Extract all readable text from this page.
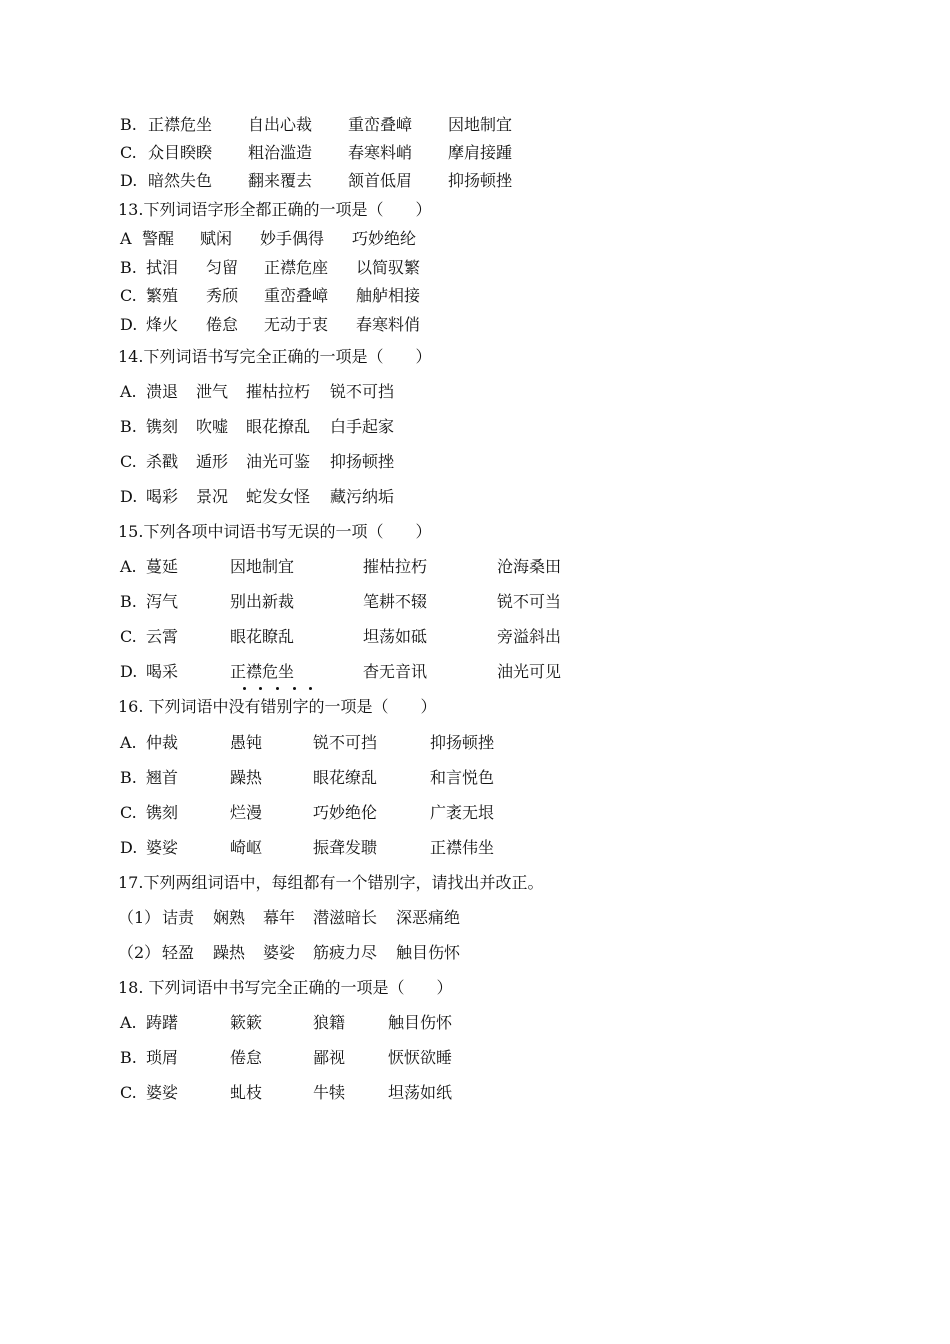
B. 正襟危坐 自出心裁 重峦叠嶂 因地制宜
C. 众目睽睽 粗治滥造 春寒料峭 摩肩接踵
D. 暗然失色 翻来覆去 颔首低眉 抑扬顿挫
13.下列词语字形全都正确的一项是（　　）
A 警醒 赋闲 妙手偶得 巧妙绝纶
B. 拭泪 匀留 正襟危座 以简驭繁
C. 繁殖 秀颀 重峦叠嶂 舳舻相接
D. 烽火 倦怠 无动于衷 春寒料俏
14.下列词语书写完全正确的一项是（　　）
A. 溃退 泄气 摧枯拉朽 锐不可挡
B. 镌刻 吹嘘 眼花撩乱 白手起家
C. 杀戳 遁形 油光可鉴 抑扬顿挫
D. 喝彩 景况 蛇发女怪 藏污纳垢
15.下列各项中词语书写无误的一项（　　）
A. 蔓延	因地制宜	摧枯拉朽	沧海桑田
B. 泻气	别出新裁	笔耕不辍	锐不可当
C. 云霄	眼花瞭乱	坦荡如砥	旁溢斜出
D. 喝采	正襟危坐	杳无音讯	油光可见
16. 下列词语中没有错别字的一项是（　　）
A. 仲裁	愚钝	锐不可挡	抑扬顿挫
B. 翘首	躁热	眼花缭乱	和言悦色
C. 镌刻	烂漫	巧妙绝伦	广袤无垠
D. 婆娑	崎岖	振聋发聩	正襟伟坐
17.下列两组词语中，每组都有一个错别字，请找出并改正。
（1） 诘责 娴熟 幕年 潜滋暗长 深恶痛绝
（2） 轻盈 躁热 婆娑 筋疲力尽 触目伤怀
18. 下列词语中书写完全正确的一项是（　　）
A. 踌躇	簌簌	狼籍	触目伤怀
B. 琐屑	倦怠	鄙视	恹恹欲睡
C. 婆娑	虬枝	牛犊	坦荡如纸
